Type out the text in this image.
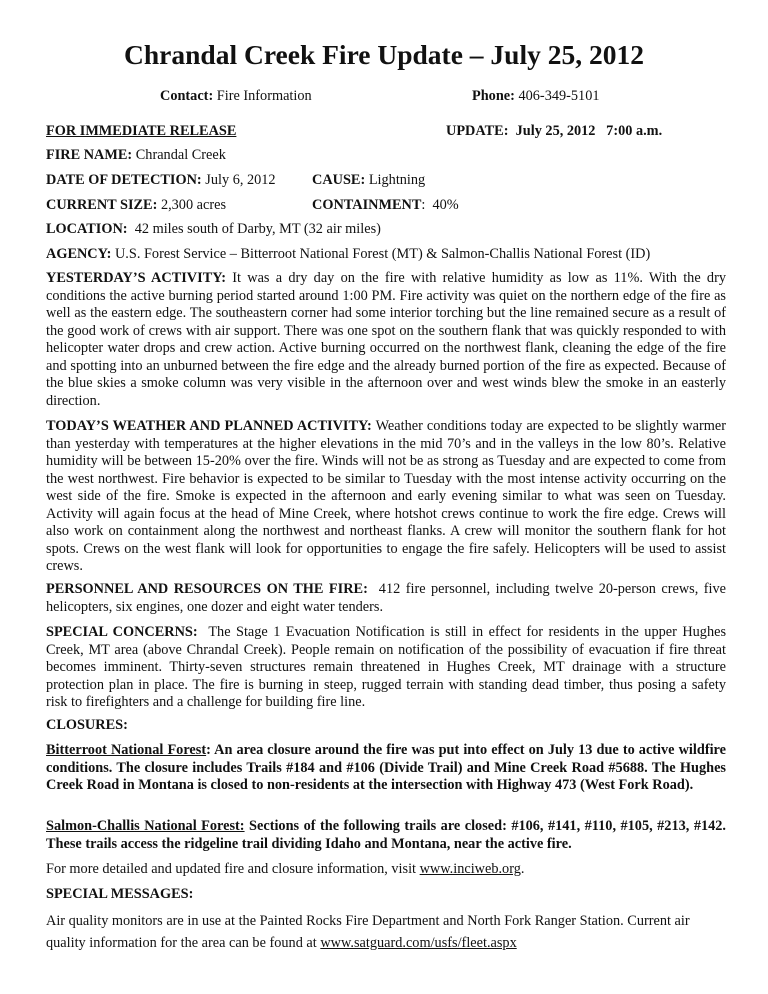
Chrandal Creek Fire Update – July 25, 2012
Contact: Fire Information	Phone: 406-349-5101
FOR IMMEDIATE RELEASE	UPDATE:  July 25, 2012   7:00 a.m.
FIRE NAME: Chrandal Creek
DATE OF DETECTION: July 6, 2012	CAUSE: Lightning
CURRENT SIZE: 2,300 acres	CONTAINMENT:  40%
LOCATION: 42 miles south of Darby, MT (32 air miles)
AGENCY: U.S. Forest Service – Bitterroot National Forest (MT) & Salmon-Challis National Forest (ID)
YESTERDAY’S ACTIVITY: It was a dry day on the fire with relative humidity as low as 11%. With the dry conditions the active burning period started around 1:00 PM. Fire activity was quiet on the northern edge of the fire as well as the eastern edge. The southeastern corner had some interior torching but the line remained secure as a result of the good work of crews with air support. There was one spot on the southern flank that was quickly responded to with helicopter water drops and crew action. Active burning occurred on the northwest flank, cleaning the edge of the fire and spotting into an unburned between the fire edge and the already burned portion of the fire as expected. Because of the blue skies a smoke column was very visible in the afternoon over and west winds blew the smoke in an easterly direction.
TODAY’S WEATHER AND PLANNED ACTIVITY: Weather conditions today are expected to be slightly warmer than yesterday with temperatures at the higher elevations in the mid 70’s and in the valleys in the low 80’s. Relative humidity will be between 15-20% over the fire. Winds will not be as strong as Tuesday and are expected to come from the west northwest. Fire behavior is expected to be similar to Tuesday with the most intense activity occurring on the west side of the fire. Smoke is expected in the afternoon and early evening similar to what was seen on Tuesday. Activity will again focus at the head of Mine Creek, where hotshot crews continue to work the fire edge. Crews will also work on containment along the northwest and northeast flanks. A crew will monitor the southern flank for hot spots. Crews on the west flank will look for opportunities to engage the fire safely. Helicopters will be used to assist crews.
PERSONNEL AND RESOURCES ON THE FIRE: 412 fire personnel, including twelve 20-person crews, five helicopters, six engines, one dozer and eight water tenders.
SPECIAL CONCERNS: The Stage 1 Evacuation Notification is still in effect for residents in the upper Hughes Creek, MT area (above Chrandal Creek). People remain on notification of the possibility of evacuation if fire threat becomes imminent. Thirty-seven structures remain threatened in Hughes Creek, MT drainage with a structure protection plan in place. The fire is burning in steep, rugged terrain with standing dead timber, thus posing a safety risk to firefighters and a challenge for building fire line.
CLOSURES:
Bitterroot National Forest: An area closure around the fire was put into effect on July 13 due to active wildfire conditions. The closure includes Trails #184 and #106 (Divide Trail) and Mine Creek Road #5688. The Hughes Creek Road in Montana is closed to non-residents at the intersection with Highway 473 (West Fork Road).
Salmon-Challis National Forest: Sections of the following trails are closed: #106, #141, #110, #105, #213, #142. These trails access the ridgeline trail dividing Idaho and Montana, near the active fire.
For more detailed and updated fire and closure information, visit www.inciweb.org.
SPECIAL MESSAGES:
Air quality monitors are in use at the Painted Rocks Fire Department and North Fork Ranger Station. Current air quality information for the area can be found at www.satguard.com/usfs/fleet.aspx
